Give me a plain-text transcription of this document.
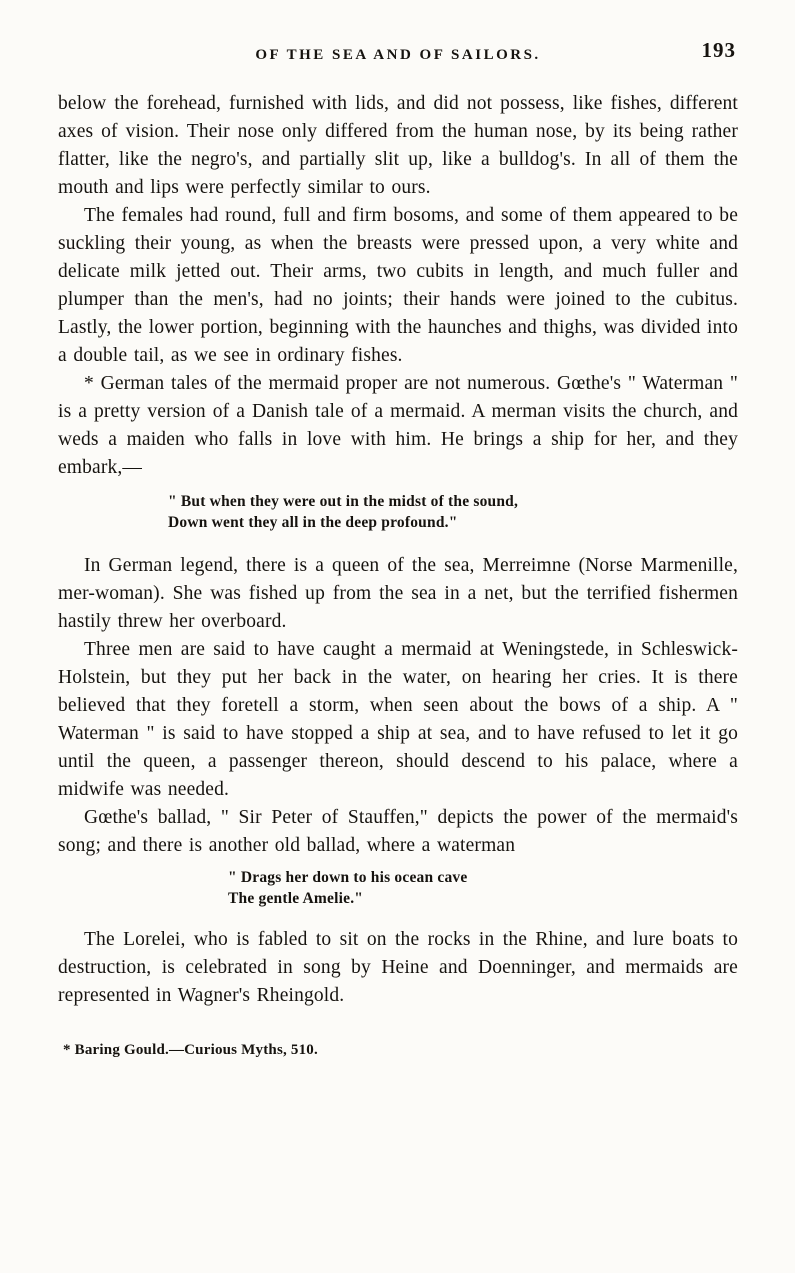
OF THE SEA AND OF SAILORS.	193

below the forehead, furnished with lids, and did not possess, like fishes, different axes of vision. Their nose only differed from the human nose, by its being rather flatter, like the negro's, and partially slit up, like a bulldog's. In all of them the mouth and lips were perfectly similar to ours.

The females had round, full and firm bosoms, and some of them appeared to be suckling their young, as when the breasts were pressed upon, a very white and delicate milk jetted out. Their arms, two cubits in length, and much fuller and plumper than the men's, had no joints; their hands were joined to the cubitus. Lastly, the lower portion, beginning with the haunches and thighs, was divided into a double tail, as we see in ordinary fishes.

* German tales of the mermaid proper are not numerous. Gœthe's " Waterman " is a pretty version of a Danish tale of a mermaid. A merman visits the church, and weds a maiden who falls in love with him. He brings a ship for her, and they embark,—

" But when they were out in the midst of the sound,
Down went they all in the deep profound."

In German legend, there is a queen of the sea, Merreimne (Norse Marmenille, mer-woman). She was fished up from the sea in a net, but the terrified fishermen hastily threw her overboard.

Three men are said to have caught a mermaid at Weningstede, in Schleswick-Holstein, but they put her back in the water, on hearing her cries. It is there believed that they foretell a storm, when seen about the bows of a ship. A " Waterman " is said to have stopped a ship at sea, and to have refused to let it go until the queen, a passenger thereon, should descend to his palace, where a midwife was needed.

Gœthe's ballad, " Sir Peter of Stauffen," depicts the power of the mermaid's song; and there is another old ballad, where a waterman

" Drags her down to his ocean cave
The gentle Amelie."

The Lorelei, who is fabled to sit on the rocks in the Rhine, and lure boats to destruction, is celebrated in song by Heine and Doenninger, and mermaids are represented in Wagner's Rheingold.

* Baring Gould.—Curious Myths, 510.
